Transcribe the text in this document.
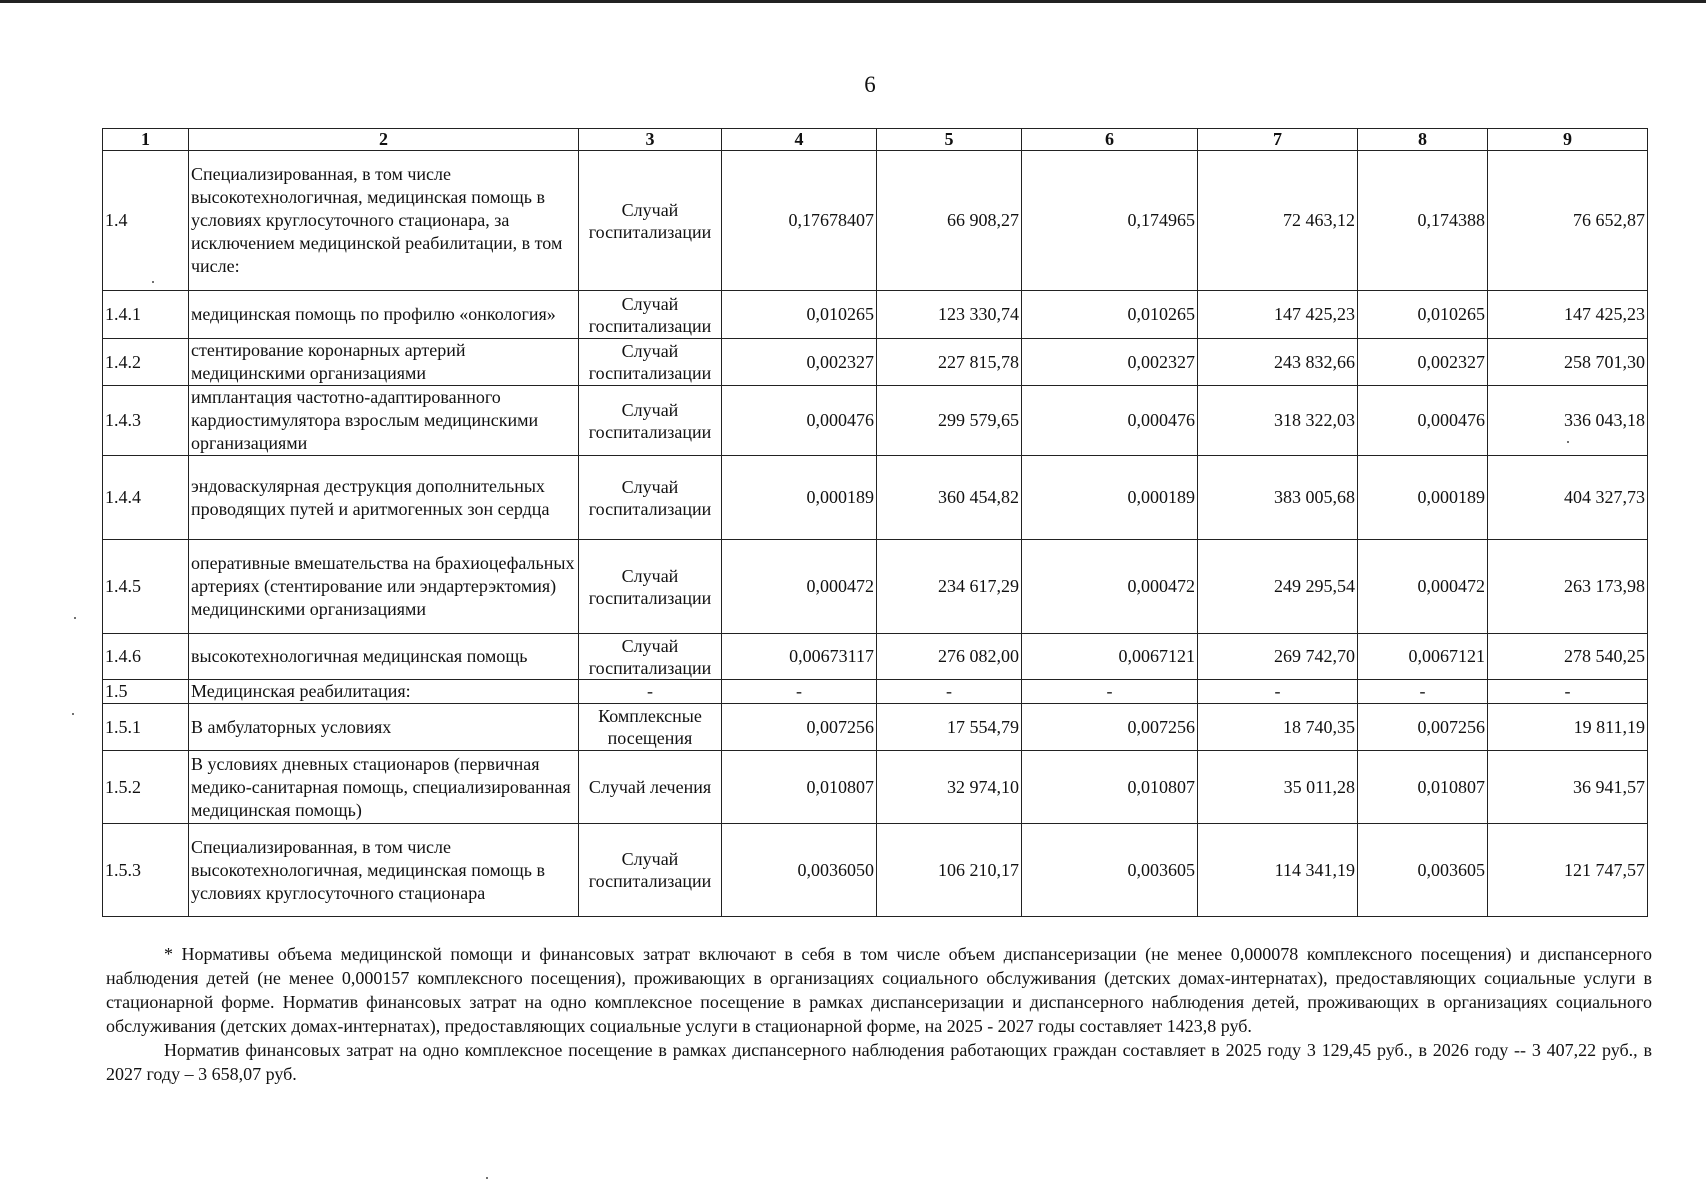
6
1	2	3	4	5	6	7	8	9
1.4	Специализированная, в том числе высокотехнологичная, медицинская помощь в условиях круглосуточного стационара, за исключением медицинской реабилитации, в том числе:	Случай госпитализации	0,17678407	66 908,27	0,174965	72 463,12	0,174388	76 652,87
1.4.1	медицинская помощь по профилю «онкология»	Случай госпитализации	0,010265	123 330,74	0,010265	147 425,23	0,010265	147 425,23
1.4.2	стентирование коронарных артерий медицинскими организациями	Случай госпитализации	0,002327	227 815,78	0,002327	243 832,66	0,002327	258 701,30
1.4.3	имплантация частотно-адаптированного кардиостимулятора взрослым медицинскими организациями	Случай госпитализации	0,000476	299 579,65	0,000476	318 322,03	0,000476	336 043,18
1.4.4	эндоваскулярная деструкция дополнительных проводящих путей и аритмогенных зон сердца	Случай госпитализации	0,000189	360 454,82	0,000189	383 005,68	0,000189	404 327,73
1.4.5	оперативные вмешательства на брахиоцефальных артериях (стентирование или эндартерэктомия) медицинскими организациями	Случай госпитализации	0,000472	234 617,29	0,000472	249 295,54	0,000472	263 173,98
1.4.6	высокотехнологичная медицинская помощь	Случай госпитализации	0,00673117	276 082,00	0,0067121	269 742,70	0,0067121	278 540,25
1.5	Медицинская реабилитация:	-	-	-	-	-	-	-
1.5.1	В амбулаторных условиях	Комплексные посещения	0,007256	17 554,79	0,007256	18 740,35	0,007256	19 811,19
1.5.2	В условиях дневных стационаров (первичная медико-санитарная помощь, специализированная медицинская помощь)	Случай лечения	0,010807	32 974,10	0,010807	35 011,28	0,010807	36 941,57
1.5.3	Специализированная, в том числе высокотехнологичная, медицинская помощь в условиях круглосуточного стационара	Случай госпитализации	0,0036050	106 210,17	0,003605	114 341,19	0,003605	121 747,57

* Нормативы объема медицинской помощи и финансовых затрат включают в себя в том числе объем диспансеризации (не менее 0,000078 комплексного посещения) и диспансерного наблюдения детей (не менее 0,000157 комплексного посещения), проживающих в организациях социального обслуживания (детских домах-интернатах), предоставляющих социальные услуги в стационарной форме. Норматив финансовых затрат на одно комплексное посещение в рамках диспансеризации и диспансерного наблюдения детей, проживающих в организациях социального обслуживания (детских домах-интернатах), предоставляющих социальные услуги в стационарной форме, на 2025 - 2027 годы составляет 1423,8 руб.

Норматив финансовых затрат на одно комплексное посещение в рамках диспансерного наблюдения работающих граждан составляет в 2025 году 3 129,45 руб., в 2026 году -- 3 407,22 руб., в 2027 году – 3 658,07 руб.
